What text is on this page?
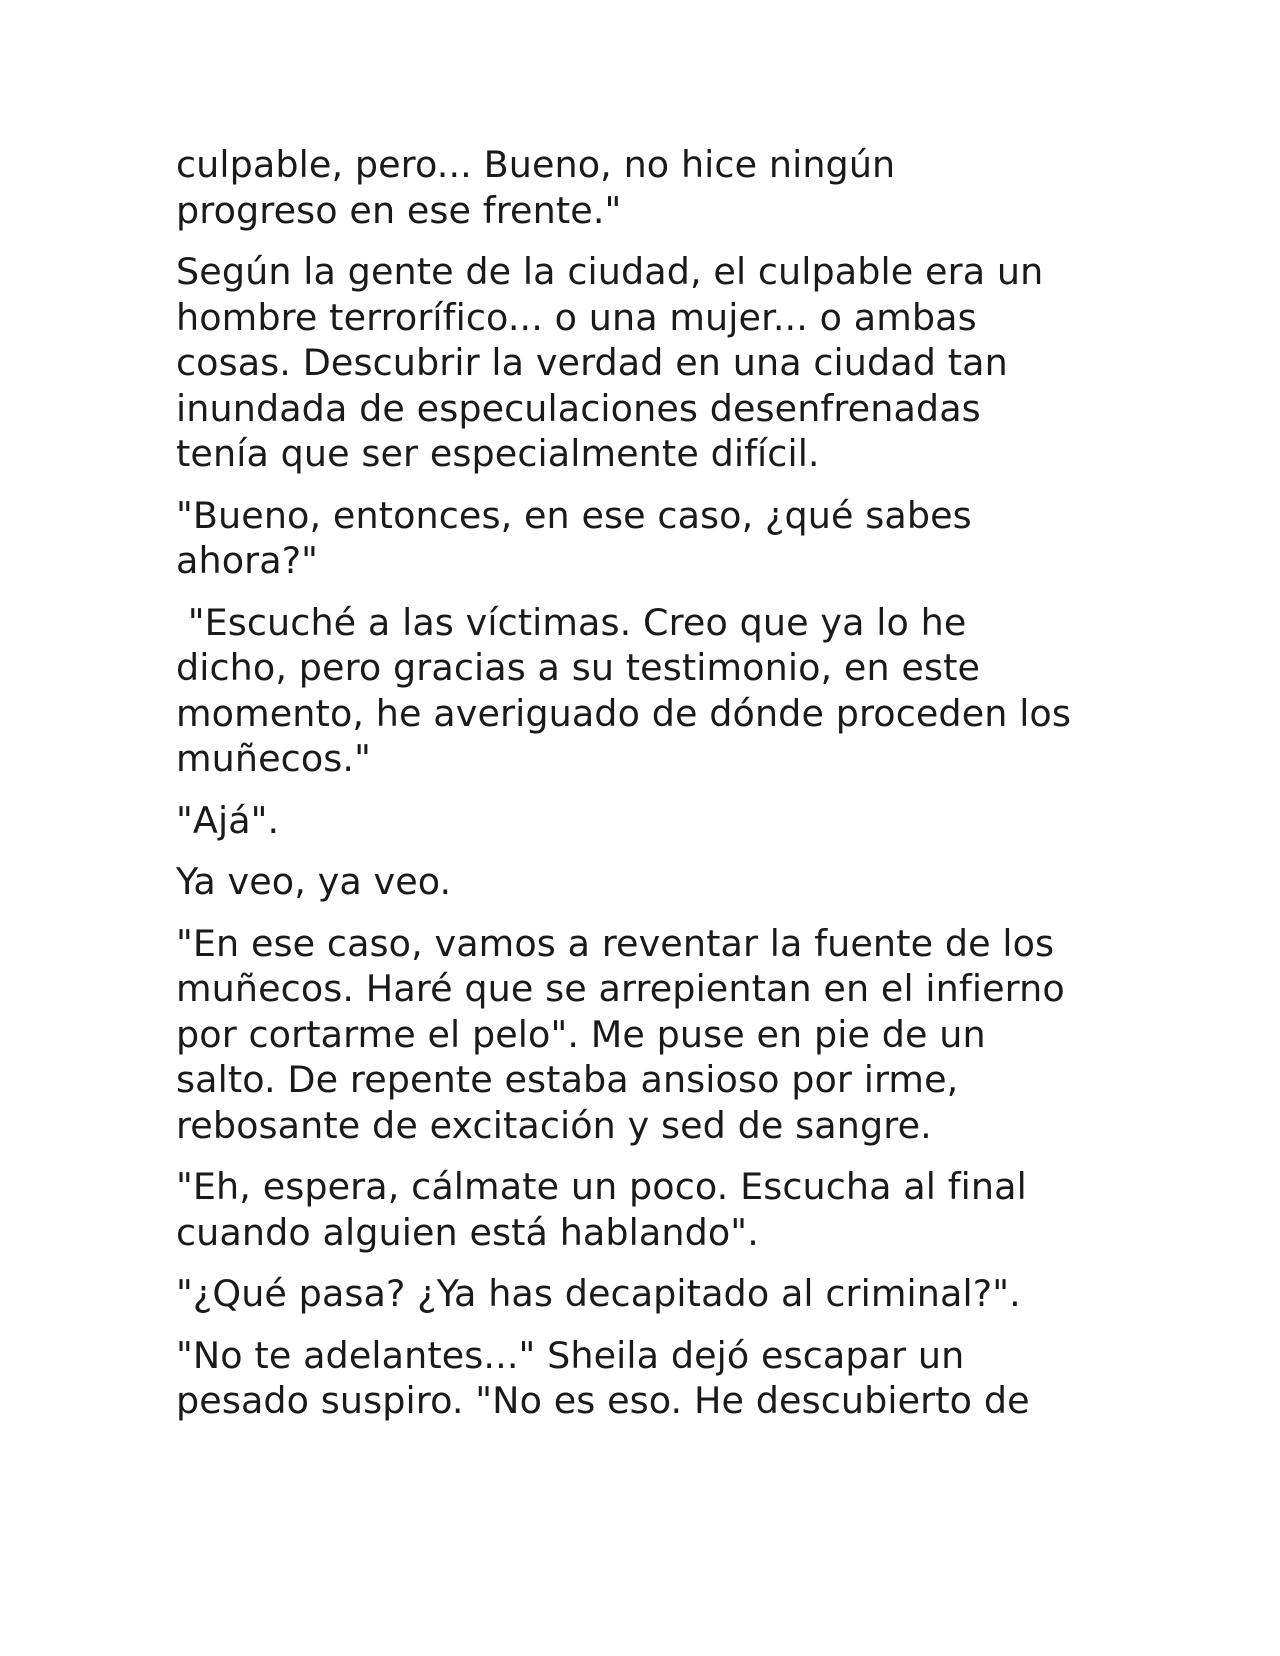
culpable, pero... Bueno, no hice ningún
progreso en ese frente."

Según la gente de la ciudad, el culpable era un
hombre terrorífico... o una mujer... o ambas
cosas. Descubrir la verdad en una ciudad tan
inundada de especulaciones desenfrenadas
tenía que ser especialmente difícil.

"Bueno, entonces, en ese caso, ¿qué sabes
ahora?"

"Escuché a las víctimas. Creo que ya lo he
dicho, pero gracias a su testimonio, en este
momento, he averiguado de dónde proceden los
muñecos."

"Ajá".

Ya veo, ya veo.

"En ese caso, vamos a reventar la fuente de los
muñecos. Haré que se arrepientan en el infierno
por cortarme el pelo". Me puse en pie de un
salto. De repente estaba ansioso por irme,
rebosante de excitación y sed de sangre.

"Eh, espera, cálmate un poco. Escucha al final
cuando alguien está hablando".

"¿Qué pasa? ¿Ya has decapitado al criminal?".

"No te adelantes..." Sheila dejó escapar un
pesado suspiro. "No es eso. He descubierto de
